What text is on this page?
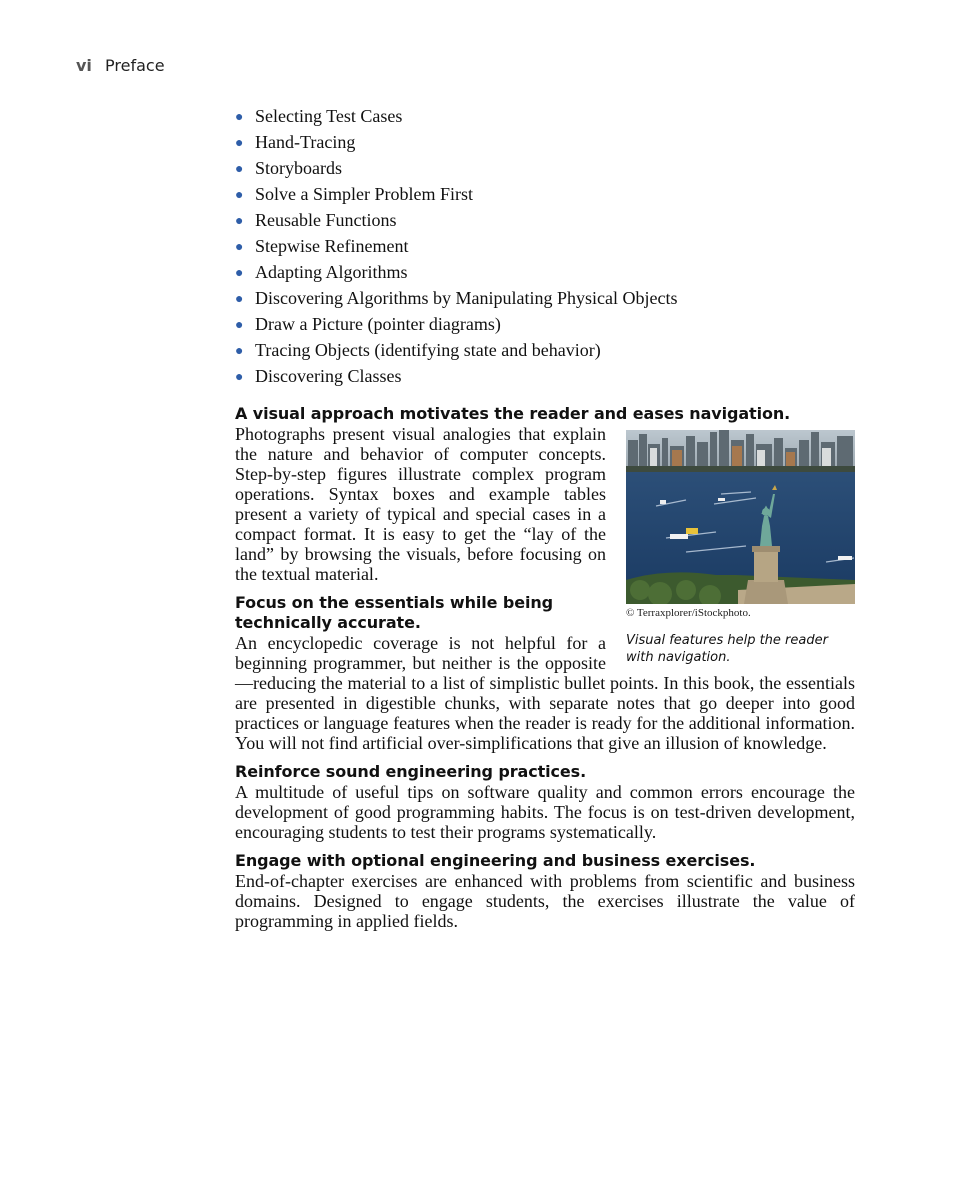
vi Preface
● Selecting Test Cases
● Hand-Tracing
● Storyboards
● Solve a Simpler Problem First
● Reusable Functions
● Stepwise Refinement
● Adapting Algorithms
● Discovering Algorithms by Manipulating Physical Objects
● Draw a Picture (pointer diagrams)
● Tracing Objects (identifying state and behavior)
● Discovering Classes
A visual approach motivates the reader and eases navigation.
© Terraxplorer/iStockphoto.
Visual features help the reader with navigation.

Photographs present visual analogies that explain the nature and behavior of computer concepts. Step-by-step figures illustrate complex program operations. Syntax boxes and example tables present a variety of typical and special cases in a compact format. It is easy to get the “lay of the land” by browsing the visuals, before focusing on the textual material.

Focus on the essentials while being technically accurate.

An encyclopedic coverage is not helpful for a beginning programmer, but neither is the opposite—reducing the material to a list of simplistic bullet points. In this book, the essentials are presented in digestible chunks, with separate notes that go deeper into good practices or language features when the reader is ready for the additional information. You will not find artificial over-simplifications that give an illusion of knowledge.

Reinforce sound engineering practices.

A multitude of useful tips on software quality and common errors encourage the development of good programming habits. The focus is on test-driven development, encouraging students to test their programs systematically.

Engage with optional engineering and business exercises.

End-of-chapter exercises are enhanced with problems from scientific and business domains. Designed to engage students, the exercises illustrate the value of programming in applied fields.
